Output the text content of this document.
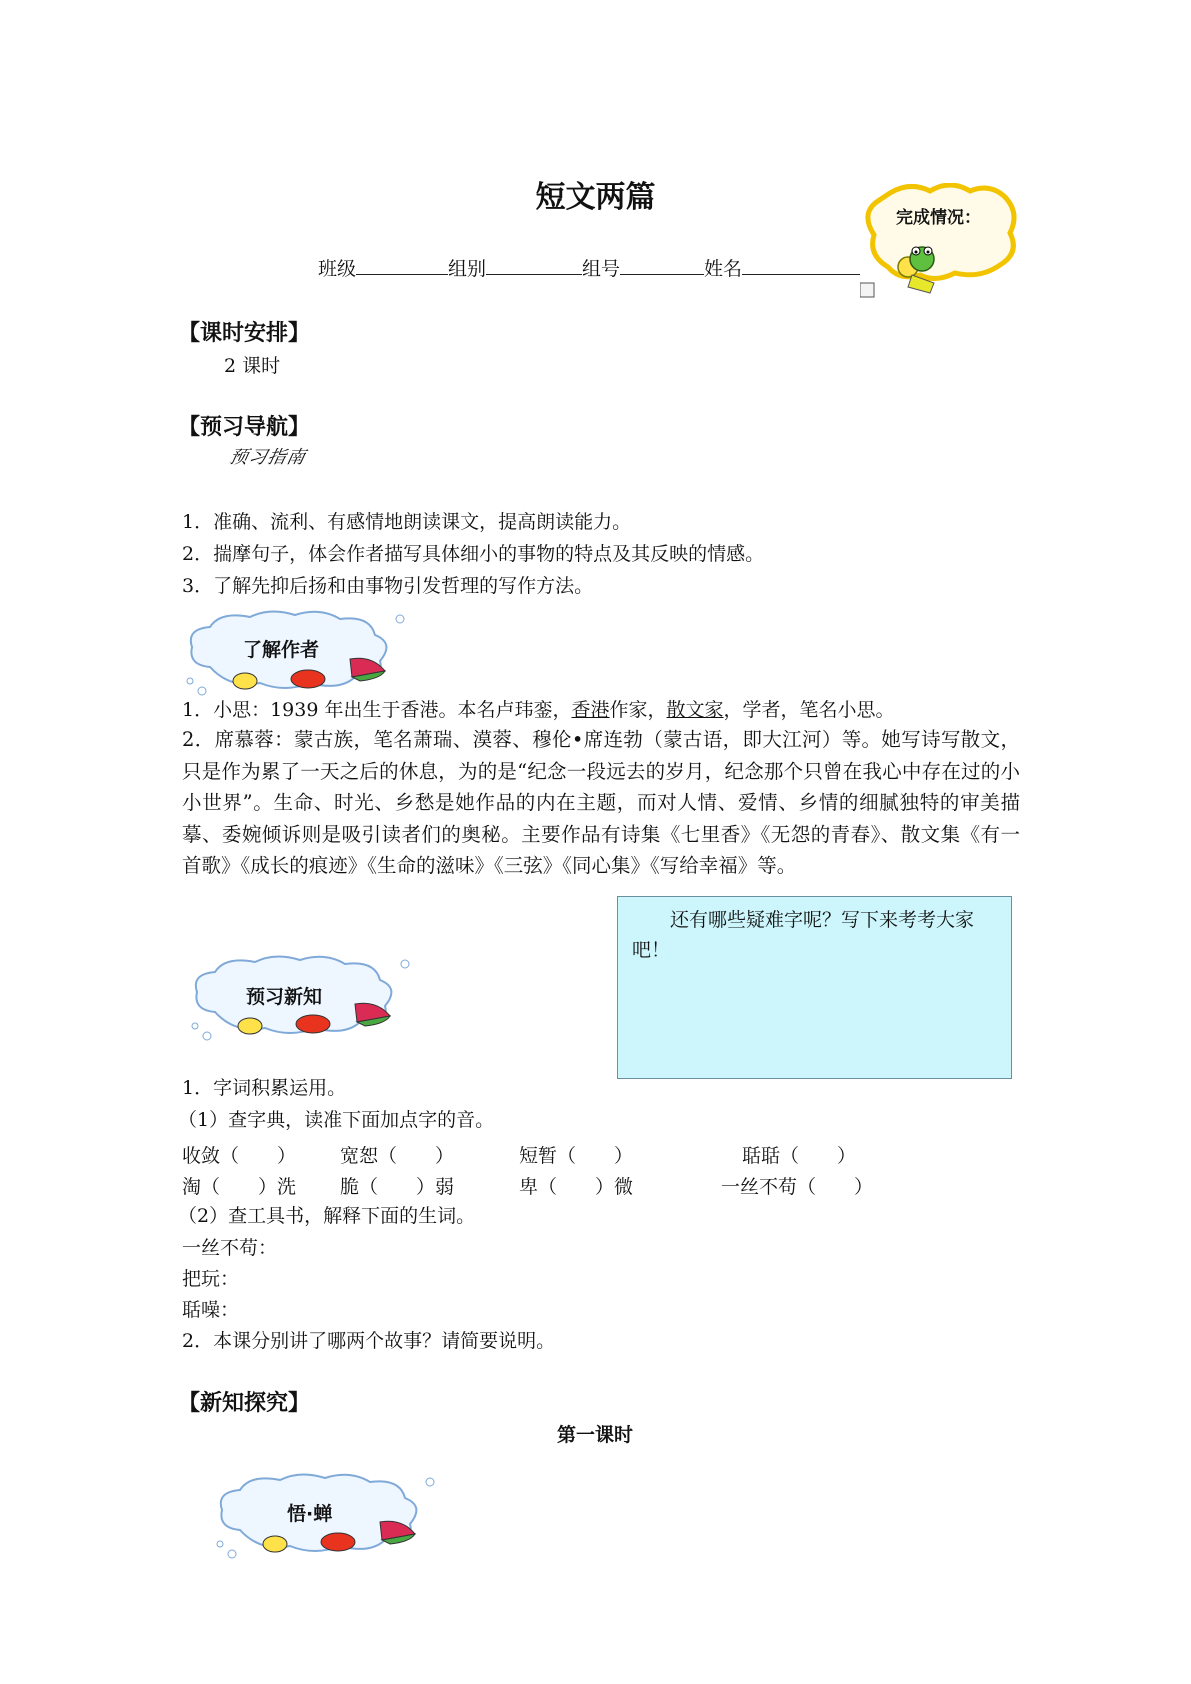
短文两篇
完成情况：
班级	组别	组号	姓名
【课时安排】
2 课时
【预习导航】
预习指南
1．准确、流利、有感情地朗读课文，提高朗读能力。
2．揣摩句子，体会作者描写具体细小的事物的特点及其反映的情感。
3．了解先抑后扬和由事物引发哲理的写作方法。
了解作者
1．小思：1939 年出生于香港。本名卢玮銮，香港作家，散文家，学者，笔名小思。
2．席慕蓉：蒙古族，笔名萧瑞、漠蓉、穆伦•席连勃（蒙古语，即大江河）等。她写诗写散文，只是作为累了一天之后的休息，为的是“纪念一段远去的岁月，纪念那个只曾在我心中存在过的小小世界”。生命、时光、乡愁是她作品的内在主题，而对人情、爱情、乡情的细腻独特的审美描摹、委婉倾诉则是吸引读者们的奥秘。主要作品有诗集《七里香》《无怨的青春》、散文集《有一首歌》《成长的痕迹》《生命的滋味》《三弦》《同心集》《写给幸福》等。
还有哪些疑难字呢？写下来考考大家吧！
预习新知
1．字词积累运用。
（1）查字典，读准下面加点字的音。
收敛（　　） 宽恕（　　）	短暂（　　）	聒聒（　　）
淘（　　）洗 脆（　　）弱	卑（　　）微	一丝不苟（　　）
（2）查工具书，解释下面的生词。
一丝不苟：
把玩：
聒噪：
2．本课分别讲了哪两个故事？请简要说明。
【新知探究】
第一课时
悟·蝉
